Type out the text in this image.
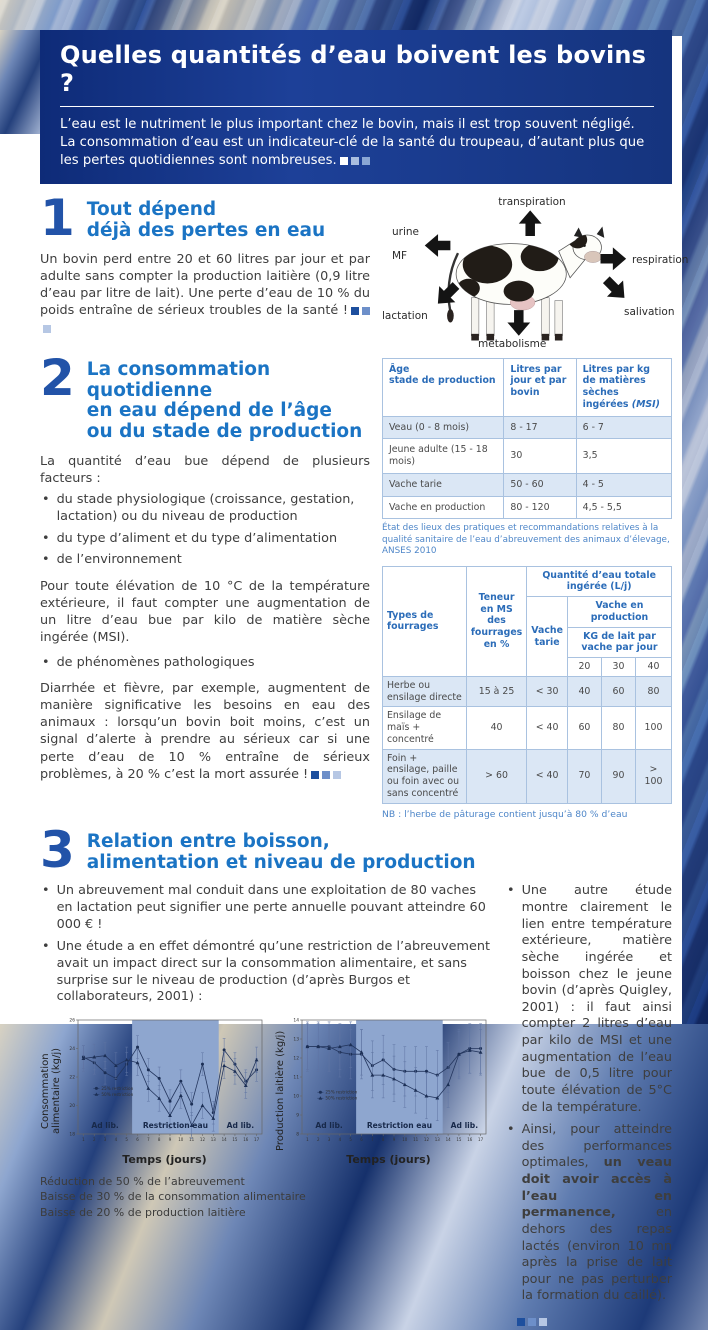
Quelles quantités d’eau boivent les bovins ?

L’eau est le nutriment le plus important chez le bovin, mais il est trop souvent négligé. La consommation d’eau est un indicateur-clé de la santé du troupeau, d’autant plus que les pertes quotidiennes sont nombreuses.

1 Tout dépend
déjà des pertes en eau
Un bovin perd entre 20 et 60 litres par jour et par adulte sans compter la production laitière (0,9 litre d’eau par litre de lait). Une perte d’eau de 10 % du poids entraîne de sérieux troubles de la santé !
transpiration
urine
MF
lactation
métabolisme
respiration
salivation
2 La consommation quotidienne
en eau dépend de l’âge
ou du stade de production
La quantité d’eau bue dépend de plusieurs facteurs :
• du stade physiologique (croissance, gestation, lactation) ou du niveau de production
• du type d’aliment et du type d’alimentation
• de l’environnement
Pour toute élévation de 10 °C de la température extérieure, il faut compter une augmentation de un litre d’eau bue par kilo de matière sèche ingérée (MSI).
• de phénomènes pathologiques
Diarrhée et fièvre, par exemple, augmentent de manière significative les besoins en eau des animaux : lorsqu’un bovin boit moins, c’est un signal d’alerte à prendre au sérieux car si une perte d’eau de 10 % entraîne de sérieux problèmes, à 20 % c’est la mort assurée !
Âge
stade de production	Litres par jour et par bovin	Litres par kg de matières sèches ingérées (MSI)
Veau (0 - 8 mois)	8 - 17	6 - 7
Jeune adulte (15 - 18 mois)	30	3,5
Vache tarie	50 - 60	4 - 5
Vache en production	80 - 120	4,5 - 5,5
État des lieux des pratiques et recommandations relatives à la qualité sanitaire de l’eau d’abreuvement des animaux d’élevage, ANSES 2010
Types de fourrages	Teneur en MS des fourrages en %	Quantité d’eau totale ingérée (L/j)			
		Vache tarie	Vache en production		
			KG de lait par vache par jour		
			20	30	40
Herbe ou ensilage directe	15 à 25	< 30	40	60	80
Ensilage de maïs + concentré	40	< 40	60	80	100
Foin + ensilage, paille ou foin avec ou sans concentré	> 60	< 40	70	90	> 100
NB : l’herbe de pâturage contient jusqu’à 80 % d’eau
3 Relation entre boisson,
alimentation et niveau de production
• Un abreuvement mal conduit dans une exploitation de 80 vaches en lactation peut signifier une perte annuelle pouvant atteindre 60 000 € !
• Une étude a en effet démontré qu’une restriction de l’abreuvement avait un impact direct sur la consommation alimentaire, et sans surprise sur le niveau de production (d’après Burgos et collaborateurs, 2001) :
Consommation alimentaire (kg/j)
18
20
22
24
26
1 2 3 4 5 6 7 8 9 10 11 12 13 14 15 16 17
Ad lib.	Restriction eau Ad lib.
25% restriction
50% restriction
Temps (jours)
Production laitière (kg/j) 8
9
10
11
12
13
14
1 2 3 4 5 6 7 8 9 10 11 12 13 14 15 16 17
Ad lib.	Restriction eau Ad lib.
25% restriction
50% restriction
Temps (jours)
Réduction de 50 % de l’abreuvement
Baisse de 30 % de la consommation alimentaire
Baisse de 20 % de production laitière
• Une autre étude montre clairement le lien entre température extérieure, matière sèche ingérée et boisson chez le jeune bovin (d’après Quigley, 2001) : il faut ainsi compter 2 litres d’eau par kilo de MSI et une augmentation de l’eau bue de 0,5 litre pour toute élévation de 5°C de la température.
• Ainsi, pour atteindre des performances optimales, un veau doit avoir accès à l’eau en permanence, en dehors des repas lactés (environ 10 mn après la prise de lait pour ne pas perturber la formation du caillé).
